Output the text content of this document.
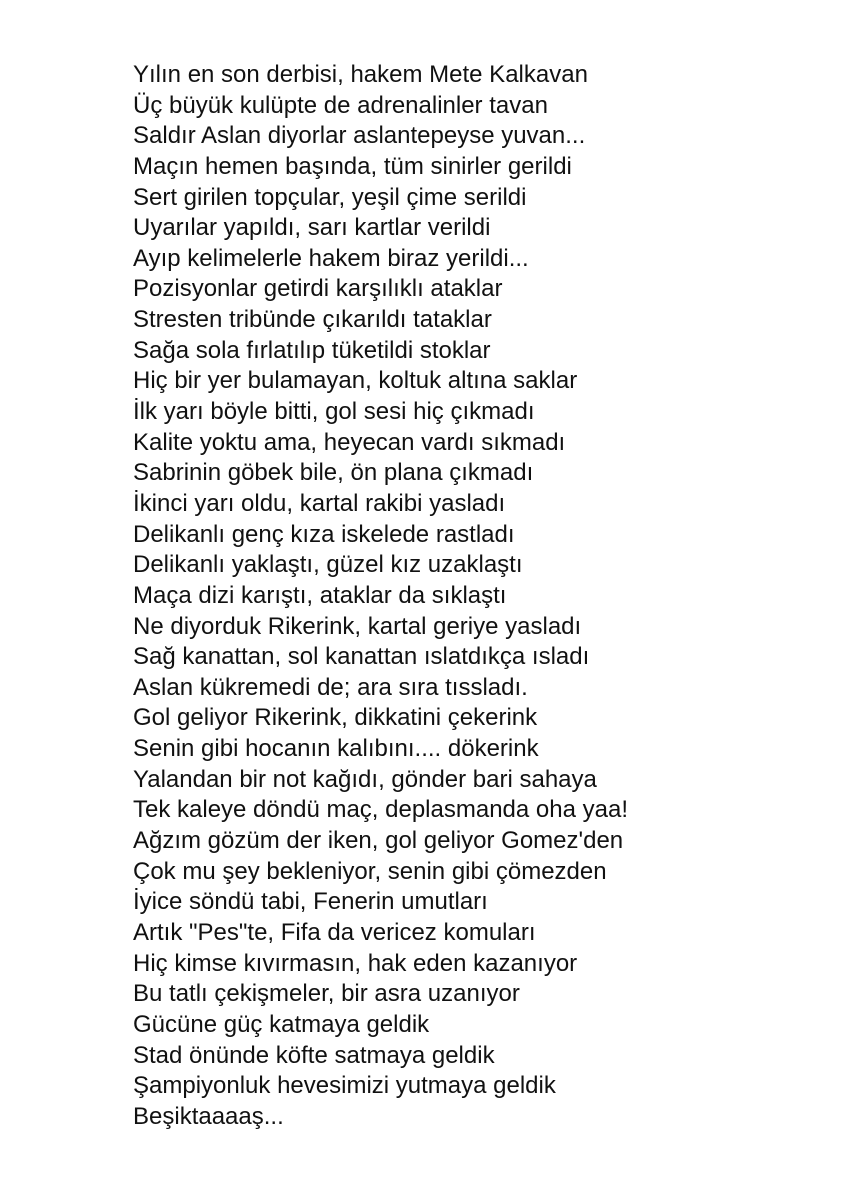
Yılın en son derbisi, hakem Mete Kalkavan
Üç büyük kulüpte de adrenalinler tavan
Saldır Aslan diyorlar aslantepeyse yuvan...
Maçın hemen başında, tüm sinirler gerildi
Sert girilen topçular, yeşil çime serildi
Uyarılar yapıldı, sarı kartlar verildi
Ayıp kelimelerle hakem biraz yerildi...
Pozisyonlar getirdi karşılıklı ataklar
Stresten tribünde çıkarıldı tataklar
Sağa sola fırlatılıp tüketildi stoklar
Hiç bir yer bulamayan, koltuk altına saklar
İlk yarı böyle bitti, gol sesi hiç çıkmadı
Kalite yoktu ama, heyecan vardı sıkmadı
Sabrinin göbek bile, ön plana çıkmadı
İkinci yarı oldu, kartal rakibi yasladı
Delikanlı genç kıza iskelede rastladı
Delikanlı yaklaştı, güzel kız uzaklaştı
Maça dizi karıştı, ataklar da sıklaştı
Ne diyorduk Rikerink, kartal geriye yasladı
Sağ kanattan, sol kanattan ıslatdıkça ısladı
Aslan kükremedi de; ara sıra tıssladı.
Gol geliyor Rikerink, dikkatini çekerink
Senin gibi hocanın kalıbını.... dökerink
Yalandan bir not kağıdı, gönder bari sahaya
Tek kaleye döndü maç, deplasmanda oha yaa!
Ağzım gözüm der iken, gol geliyor Gomez'den
Çok mu şey bekleniyor, senin gibi çömezden
İyice söndü tabi, Fenerin umutları
Artık "Pes"te, Fifa da vericez komuları
Hiç kimse kıvırmasın, hak eden kazanıyor
Bu tatlı çekişmeler, bir asra uzanıyor
Gücüne güç katmaya geldik
Stad önünde köfte satmaya geldik
Şampiyonluk hevesimizi yutmaya geldik
Beşiktaaaaş...
